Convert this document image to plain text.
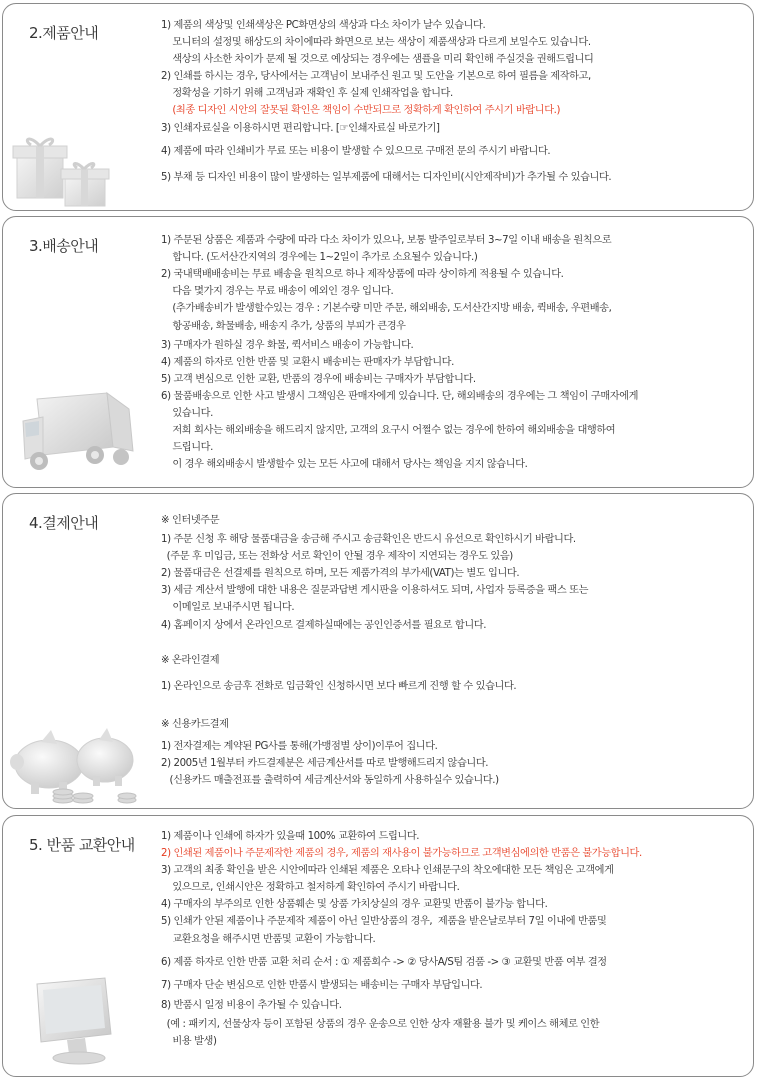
2.제품안내	1) 제품의 색상및 인쇄색상은 PC화면상의 색상과 다소 차이가 날수 있습니다.
모니터의 설정및 해상도의 차이에따라 화면으로 보는 색상이 제품색상과 다르게 보일수도 있습니다.
색상의 사소한 차이가 문제 될 것으로 예상되는 경우에는 샘플을 미리 확인해 주실것을 권해드립니디
2) 인쇄를 하시는 경우, 당사에서는 고객님이 보내주신 원고 및 도안을 기본으로 하여 필름을 제작하고,
정확성을 기하기 위해 고객님과 재확인 후 실제 인쇄작업을 합니다.
(최종 디자인 시안의 잘못된 확인은 책임이 수반되므로 정확하게 확인하여 주시기 바랍니다.)
3) 인쇄자료실을 이용하시면 편리합니다. [☞인쇄자료실 바로가기]
4) 제품에 따라 인쇄비가 무료 또는 비용이 발생할 수 있으므로 구매전 문의 주시기 바랍니다.
5) 부채 등 디자인 비용이 많이 발생하는 일부제품에 대해서는 디자인비(시안제작비)가 추가될 수 있습니다.
3.배송안내	1) 주문된 상품은 제품과 수량에 따라 다소 차이가 있으나, 보통 발주일로부터 3~7일 이내 배송을 원칙으로
합니다. (도서산간지역의 경우에는 1~2일이 추가로 소요될수 있습니다.)
2) 국내택배배송비는 무료 배송을 원칙으로 하나 제작상품에 따라 상이하게 적용될 수 있습니다.
다음 몇가지 경우는 무료 배송이 예외인 경우 입니다.
(추가배송비가 발생할수있는 경우 : 기본수량 미만 주문, 해외배송, 도서산간지방 배송, 퀵배송, 우편배송,
항공배송, 화물배송, 배송지 추가, 상품의 부피가 큰경우
3) 구매자가 원하실 경우 화물, 퀵서비스 배송이 가능합니다.
4) 제품의 하자로 인한 반품 및 교환시 배송비는 판매자가 부담합니다.
5) 고객 변심으로 인한 교환, 반품의 경우에 배송비는 구매자가 부담합니다.
6) 물품배송으로 인한 사고 발생시 그책임은 판매자에게 있습니다. 단, 해외배송의 경우에는 그 책임이 구매자에게
있습니다.
저희 회사는 해외배송을 해드리지 않지만, 고객의 요구시 어쩔수 없는 경우에 한하여 해외배송을 대행하여
드립니다.
이 경우 해외배송시 발생할수 있는 모든 사고에 대해서 당사는 책임을 지지 않습니다.
4.결제안내	※ 인터넷주문
1) 주문 신청 후 해당 물품대금을 송금해 주시고 송금확인은 반드시 유선으로 확인하시기 바랍니다.
(주문 후 미입금, 또는 전화상 서로 확인이 안될 경우 제작이 지연되는 경우도 있음)
2) 물품대금은 선결제를 원칙으로 하며, 모든 제품가격의 부가세(VAT)는 별도 입니다.
3) 세금 계산서 발행에 대한 내용은 질문과답변 게시판을 이용하셔도 되며, 사업자 등록증을 팩스 또는
이메일로 보내주시면 됩니다.
4) 홈페이지 상에서 온라인으로 결제하실때에는 공인인증서를 필요로 합니다.
※ 온라인결제
1) 온라인으로 송금후 전화로 입금확인 신청하시면 보다 빠르게 진행 할 수 있습니다.
※ 신용카드결제
1) 전자결제는 계약된 PG사를 통해(가맹점별 상이)이루어 집니다.
2) 2005년 1월부터 카드결제분은 세금계산서를 따로 발행해드리지 않습니다.
(신용카드 매출전표를 출력하여 세금계산서와 동일하게 사용하실수 있습니다.)
5. 반품 교환안내	1) 제품이나 인쇄에 하자가 있을때 100% 교환하여 드립니다.
2) 인쇄된 제품이나 주문제작한 제품의 경우, 제품의 재사용이 불가능하므로 고객변심에의한 반품은 불가능합니다.
3) 고객의 최종 확인을 받은 시안에따라 인쇄된 제품은 오타나 인쇄문구의 착오에대한 모든 책임은 고객에게
있으므로, 인쇄시안은 정확하고 철저하게 확인하여 주시기 바랍니다.
4) 구매자의 부주의로 인한 상품훼손 및 상품 가치상실의 경우 교환및 반품이 불가능 합니다.
5) 인쇄가 안된 제품이나 주문제작 제품이 아닌 일반상품의 경우,  제품을 받은날로부터 7일 이내에 반품및
교환요청을 해주시면 반품및 교환이 가능합니다.
6) 제품 하자로 인한 반품 교환 처리 순서 : ① 제품회수 -> ② 당사A/S팀 검품 -> ③ 교환및 반품 여부 결정
7) 구매자 단순 변심으로 인한 반품시 발생되는 배송비는 구매자 부담입니다.
8) 반품시 일정 비용이 추가될 수 있습니다.
(예 : 패키지, 선물상자 등이 포함된 상품의 경우 운송으로 인한 상자 재활용 불가 및 케이스 해체로 인한
비용 발생)
